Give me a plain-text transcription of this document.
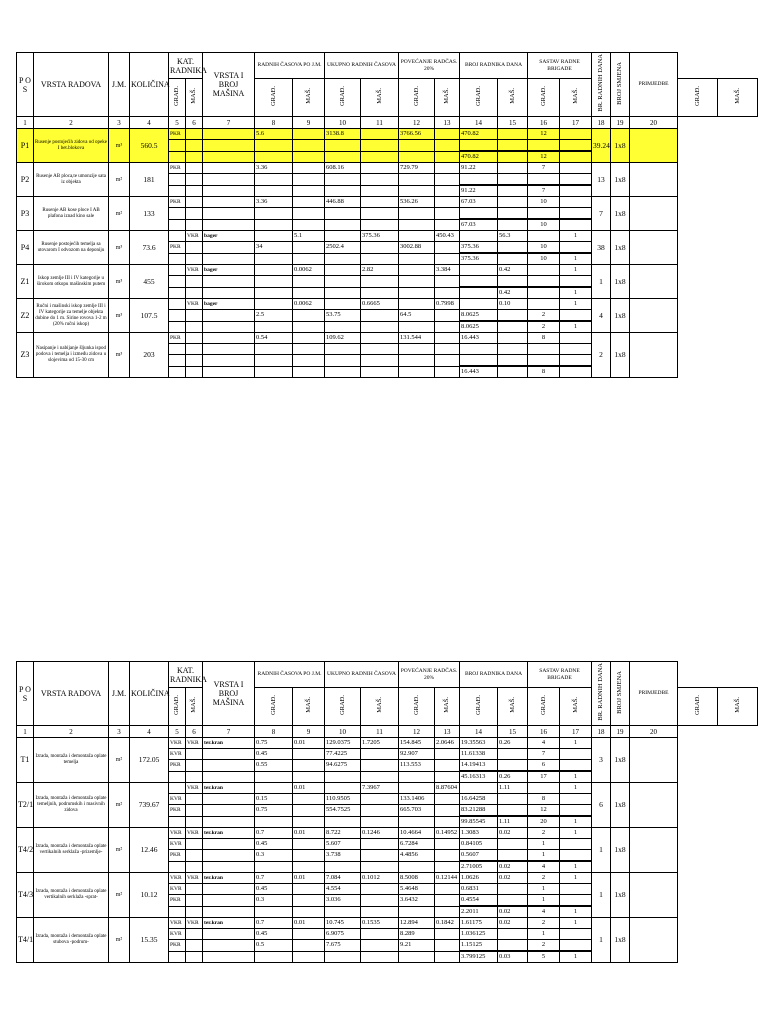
P O S	VRSTA RADOVA	J.M.	KOLIČINA	KAT. RADNIKA		VRSTA I BROJ MAŠINA	RADNIH ČASOVA PO J.M.		UKUPNO RADNIH ČASOVA		POVEĆANJE RADČAS. 20%		BROJ RADNIKA DANA		SASTAV RADNE BRIGADE		BR. RADNIH DANA	BROJ SMJENA	PRIMJEDBE		
				GRAĐ.	MAŠ.		GRAĐ.	MAŠ.	GRAĐ.	MAŠ.	GRAĐ.	MAŠ.	GRAĐ.	MAŠ.	GRAĐ.	MAŠ.				GRAĐ.	MAŠ.
1	2	3	4	5	6	7	8	9	10	11	12	13	14	15	16	17	18	19	20		
P1	Rusenje postojećih zidova od opeke I bet.blokova	m³	560.5	PKR			5.6		3138.8		3766.56		470.82		12		39.24	1x8			

													470.82		12						
P2	Rusenje AB ploca,te umonzije sata iz objekta	m²	181	PKR			3.36		608.16		729.79		91.22		7		13	1x8			

													91.22		7						
P3	Rusenje AB kose ploce I AB plafona iznad kino sale	m²	133	PKR			3.36		446.88		536.26		67.03		10		7	1x8			

													67.03		10						
P4	Rusenje postojećih temelja sa utovarom I odvozom na deponiju	m³	73.6		VKR	bager		5.1		375.36		450.43		56.3		1	38	1x8			
				PKR			34		2502.4		3002.88		375.36		10						
													375.36		10	1					
Z1	Iskop zemlje III i IV kategorije u širokom otkopu mašinskim putem	m³	455		VKR	bager		0.0062		2.82		3.384		0.42		1	1	1x8			

														0.42		1					
Z2	Ručni i mašinski iskop zemlje III i IV kategorije za temelje objekta dubine do 1 m. Sirine rovova 1-2 m (20% ručni iskop)	m³	107.5		VKR	bager		0.0062		0.6665		0.7998		0.10		1	4	1x8			
							2.5		53.75		64.5		8.0625		2						
													8.0625		2	1					
Z3	Nasipanje i nabijanje šljunka ispod podova i temelja i između zidova u slojevima od 15-30 cm	m³	203	PKR			0.54		109.62		131.544		16.443		8		2	1x8			

													16.443		8						
P O S	VRSTA RADOVA	J.M.	KOLIČINA	KAT. RADNIKA		VRSTA I BROJ MAŠINA	RADNIH ČASOVA PO J.M.		UKUPNO RADNIH ČASOVA		POVEĆANJE RADČAS. 20%		BROJ RADNIKA DANA		SASTAV RADNE BRIGADE		BR. RADNIH DANA	BROJ SMJENA	PRIMJEDBE		
				GRAĐ.	MAŠ.		GRAĐ.	MAŠ.	GRAĐ.	MAŠ.	GRAĐ.	MAŠ.	GRAĐ.	MAŠ.	GRAĐ.	MAŠ.				GRAĐ.	MAŠ.
1	2	3	4	5	6	7	8	9	10	11	12	13	14	15	16	17	18	19	20		
T1	Izrada, montaža i demontaža oplate temelja	m²	172.05	VKR	VKR	ter.kran	0.75	0.01	129.0375	1.7205	154.845	2.0646	19.35563	0.26	4	1	3	1x8			
				KVR			0.45		77.4225		92.907		11.61338		7						
				PKR			0.55		94.6275		113.553		14.19413		6						
													45.16313	0.26	17	1					
T2/1	Izrada, montaža i demontaža oplate temeljnih, podrumskih i masivnih zidova	m²	739.67		VKR	ter.kran		0.01		7.3967		8.87604		1.11		1	6	1x8			
				KVR			0.15		110.9505		133.1406		16.64258		8						
				PKR			0.75		554.7525		665.703		83.21288		12						
													99.85545	1.11	20	1					
T4/2	Izrada, montaža i demontaža oplate vertikalnih serklaža -prizemlje-	m²	12.46	VKR	VKR	ter.kran	0.7	0.01	8.722	0.1246	10.4664	0.14952	1.3083	0.02	2	1	1	1x8			
				KVR			0.45		5.607		6.7284		0.84105		1						
				PKR			0.3		3.738		4.4856		0.5607		1						
													2.71005	0.02	4	1					
T4/3	Izrada, montaža i demontaža oplate vertikalnih serklaža -sprat-	m²	10.12	VKR	VKR	ter.kran	0.7	0.01	7.084	0.1012	8.5008	0.12144	1.0626	0.02	2	1	1	1x8			
				KVR			0.45		4.554		5.4648		0.6831		1						
				PKR			0.3		3.036		3.6432		0.4554		1						
													2.2011	0.02	4	1					
T4/1	Izrada, montaža i demontaža oplate stubova -podrum-	m²	15.35	VKR	VKR	ter.kran	0.7	0.01	10.745	0.1535	12.894	0.1842	1.61175	0.02	2	1	1	1x8			
				KVR			0.45		6.9075		8.289		1.036125		1						
				PKR			0.5		7.675		9.21		1.15125		2						
													3.799125	0.03	5	1					
